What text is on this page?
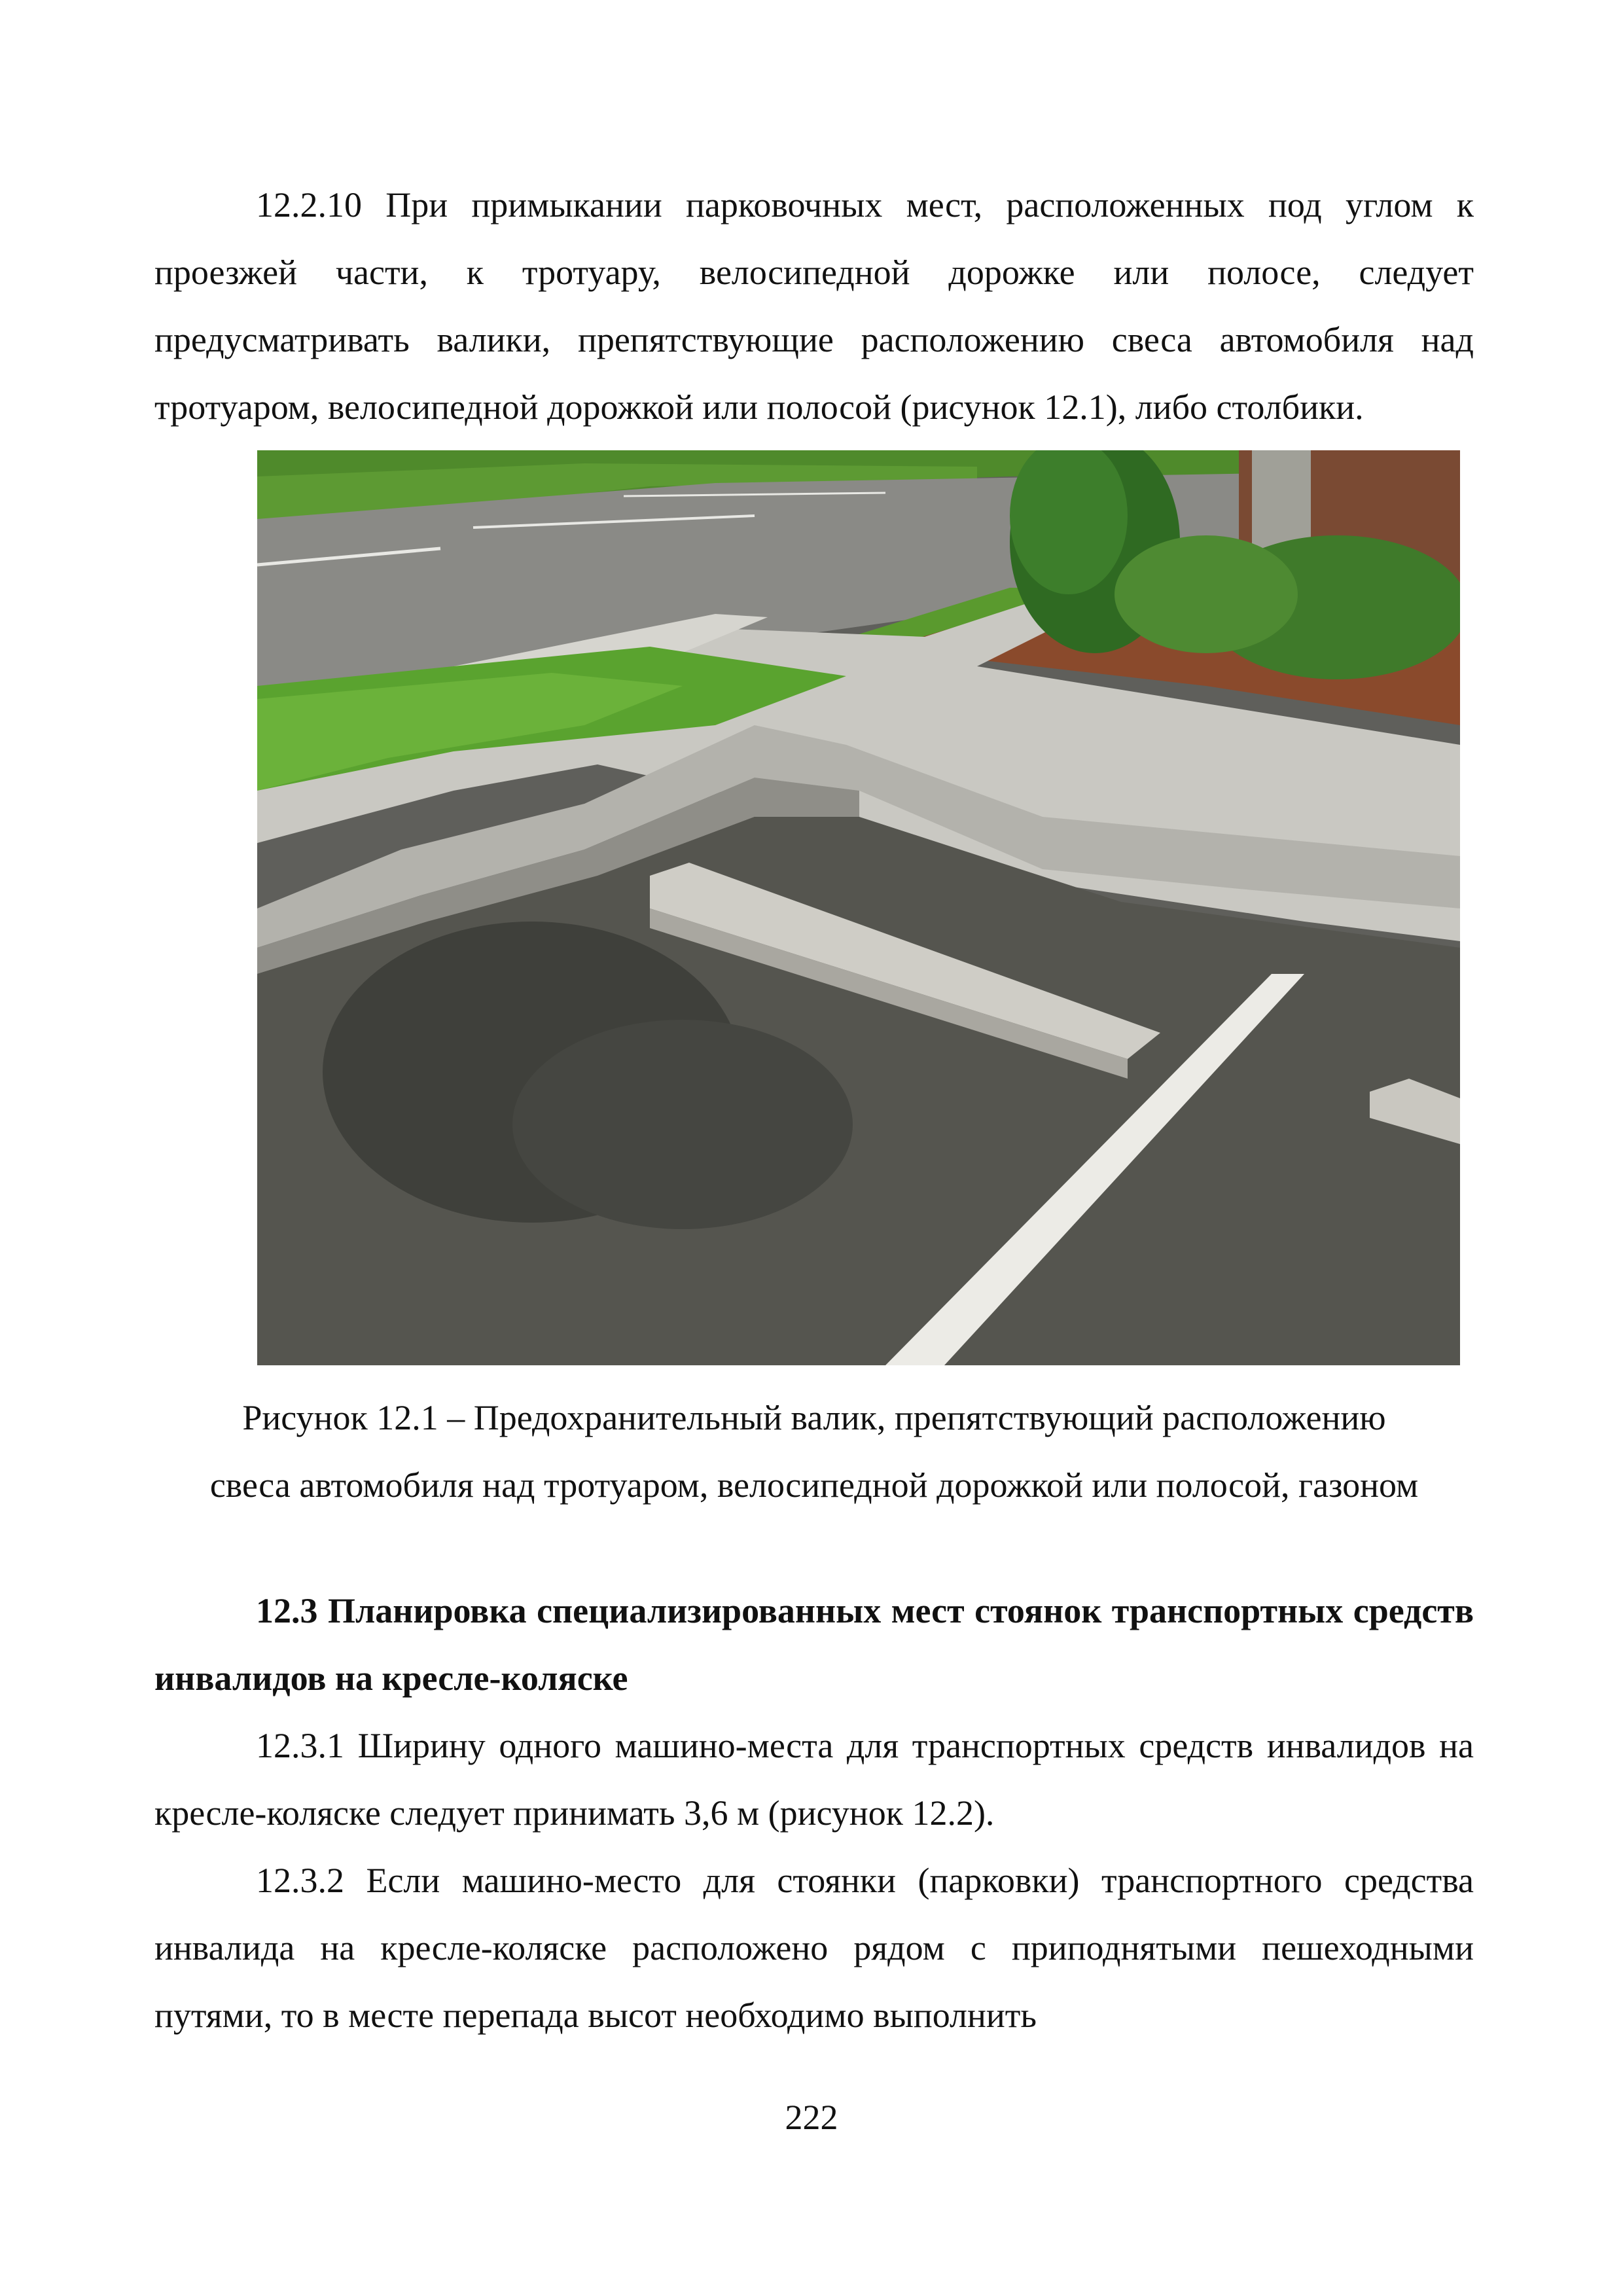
12.2.10 При примыкании парковочных мест, расположенных под углом к проезжей части, к тротуару, велосипедной дорожке или полосе, следует предусматривать валики, препятствующие расположению свеса автомобиля над тротуаром, велосипедной дорожкой или полосой (рисунок 12.1), либо столбики.

Рисунок 12.1 – Предохранительный валик, препятствующий расположению

свеса автомобиля над тротуаром, велосипедной дорожкой или полосой, газоном

12.3 Планировка специализированных мест стоянок транспортных средств инвалидов на кресле-коляске

12.3.1 Ширину одного машино-места для транспортных средств инвалидов на кресле-коляске следует принимать 3,6 м (рисунок 12.2).

12.3.2 Если машино-место для стоянки (парковки) транспортного средства инвалида на кресле-коляске расположено рядом с приподнятыми пешеходными путями, то в месте перепада высот необходимо выполнить

222
